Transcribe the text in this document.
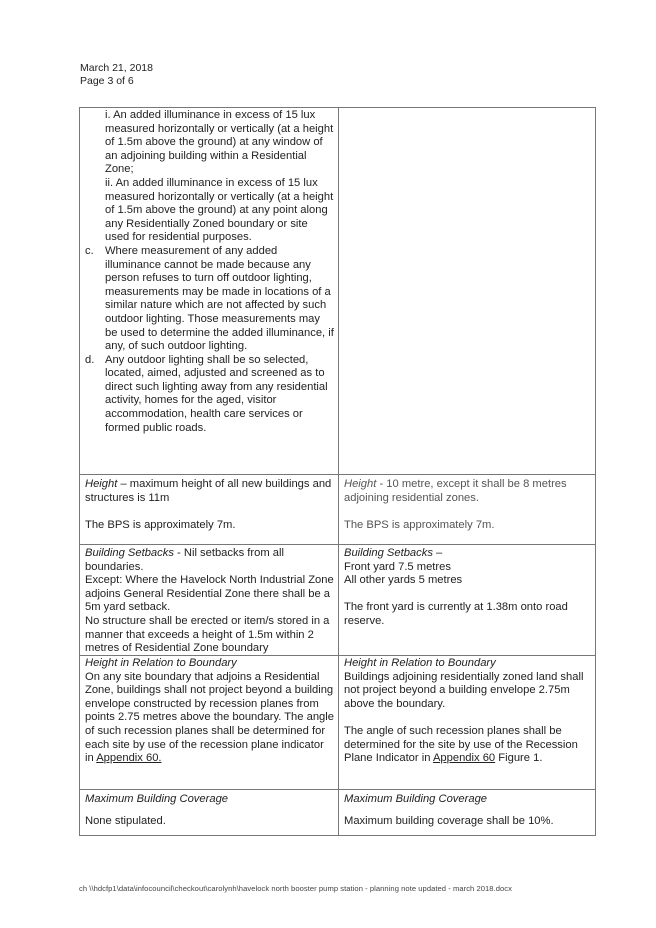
March 21, 2018
Page 3 of 6
i. An added illuminance in excess of 15 lux measured horizontally or vertically (at a height of 1.5m above the ground) at any window of an adjoining building within a Residential Zone;
ii. An added illuminance in excess of 15 lux measured horizontally or vertically (at a height of 1.5m above the ground) at any point along any Residentially Zoned boundary or site used for residential purposes.
c.	Where measurement of any added illuminance cannot be made because any person refuses to turn off outdoor lighting, measurements may be made in locations of a similar nature which are not affected by such outdoor lighting. Those measurements may be used to determine the added illuminance, if any, of such outdoor lighting.
d. Any outdoor lighting shall be so selected, located, aimed, adjusted and screened as to direct such lighting away from any residential activity, homes for the aged, visitor accommodation, health care services or formed public roads.
Height – maximum height of all new buildings and structures is 11m
The BPS is approximately 7m.
Height - 10 metre, except it shall be 8 metres adjoining residential zones.
The BPS is approximately 7m.
Building Setbacks - Nil setbacks from all boundaries.
Except: Where the Havelock North Industrial Zone adjoins General Residential Zone there shall be a 5m yard setback.
No structure shall be erected or item/s stored in a manner that exceeds a height of 1.5m within 2 metres of Residential Zone boundary
Building Setbacks –
Front yard 7.5 metres
All other yards 5 metres
The front yard is currently at 1.38m onto road reserve.
Height in Relation to Boundary
On any site boundary that adjoins a Residential Zone, buildings shall not project beyond a building envelope constructed by recession planes from points 2.75 metres above the boundary. The angle of such recession planes shall be determined for each site by use of the recession plane indicator in Appendix 60.
Height in Relation to Boundary
Buildings adjoining residentially zoned land shall not project beyond a building envelope 2.75m above the boundary.
The angle of such recession planes shall be determined for the site by use of the Recession Plane Indicator in Appendix 60 Figure 1.
Maximum Building Coverage
None stipulated.
Maximum Building Coverage
Maximum building coverage shall be 10%.
ch \\hdcfp1\data\infocouncil\checkout\carolynh\havelock north booster pump station - planning note updated - march 2018.docx
